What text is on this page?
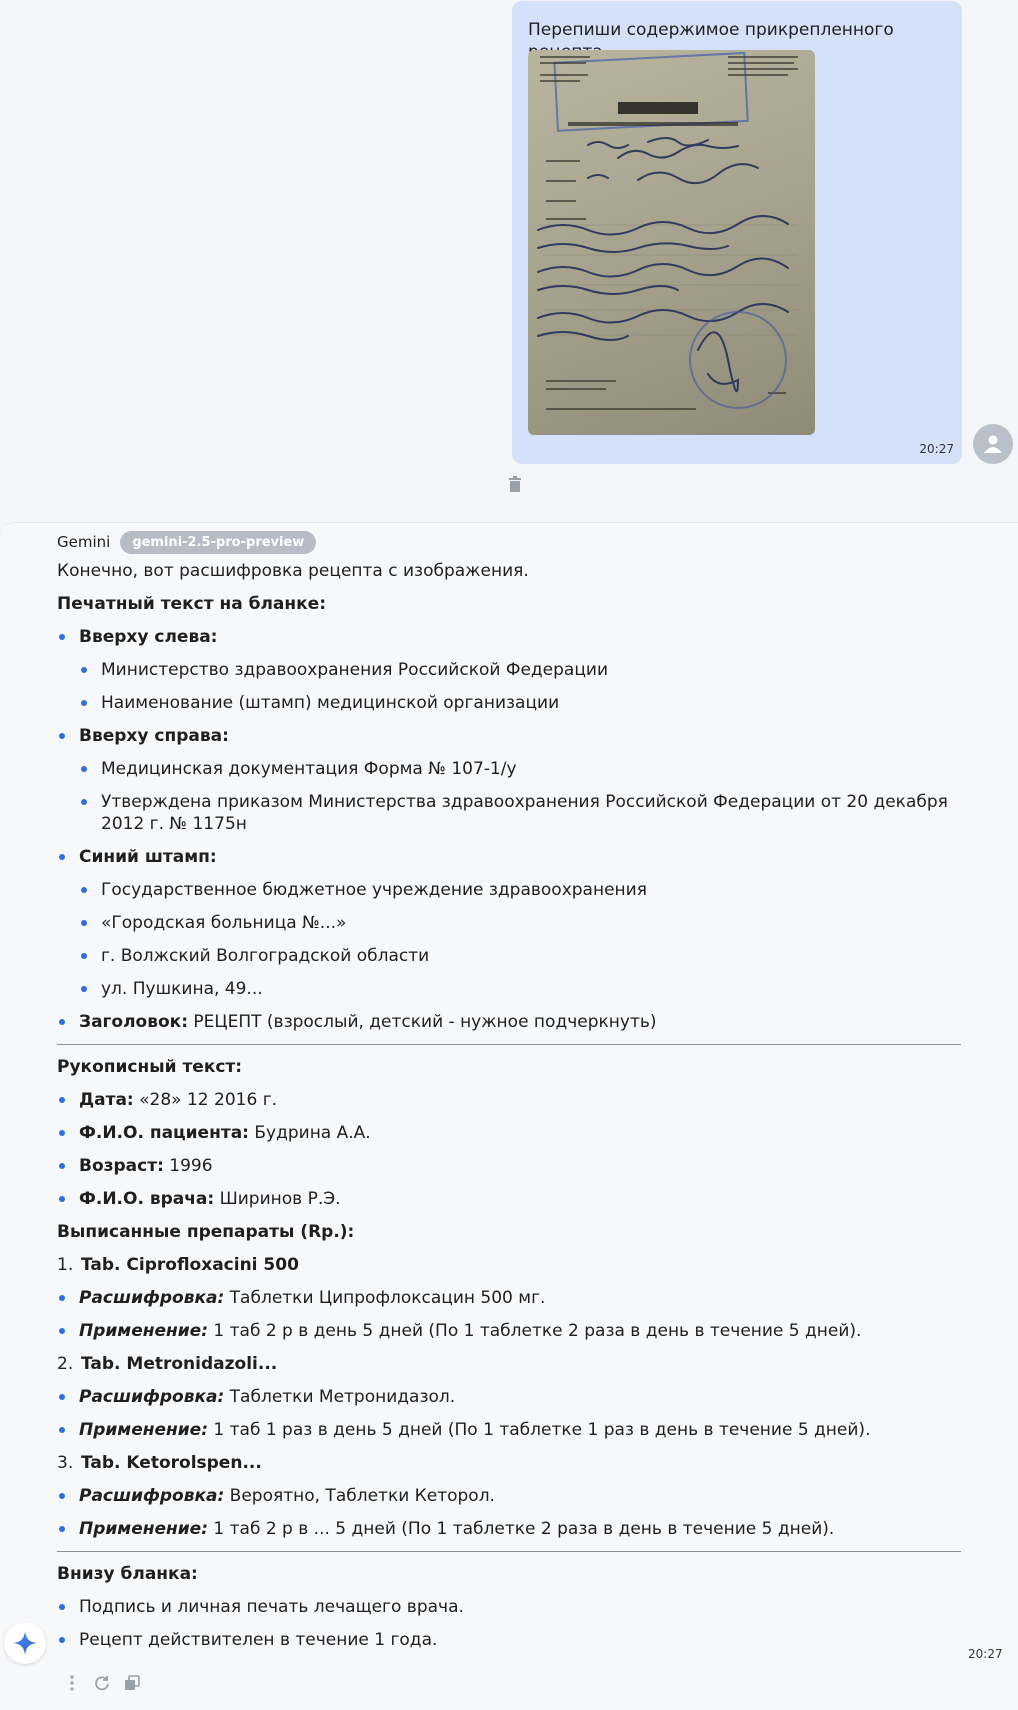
Перепиши содержимое прикрепленного
20:27
Gemini	gemini-2.5-pro-preview

Конечно, вот расшифровка рецепта с изображения.

Печатный текст на бланке:
Вверху слева:
Министерство здравоохранения Российской Федерации
Наименование (штамп) медицинской организации
Вверху справа:
Медицинская документация Форма № 107-1/у
Утверждена приказом Министерства здравоохранения Российской Федерации от 20 декабря 2012 г. № 1175н
Синий штамп:
Государственное бюджетное учреждение здравоохранения
«Городская больница №...»
г. Волжский Волгоградской области
ул. Пушкина, 49...
Заголовок: РЕЦЕПТ (взрослый, детский - нужное подчеркнуть)
Рукописный текст:
Дата: «28» 12 2016 г.
Ф.И.О. пациента: Будрина А.А.
Возраст: 1996
Ф.И.О. врача: Ширинов Р.Э.
Выписанные препараты (Rp.):
1. Tab. Ciprofloxacini 500
Расшифровка: Таблетки Ципрофлоксацин 500 мг.
Применение: 1 таб 2 р в день 5 дней (По 1 таблетке 2 раза в день в течение 5 дней).
2. Tab. Metronidazoli...
Расшифровка: Таблетки Метронидазол.
Применение: 1 таб 1 раз в день 5 дней (По 1 таблетке 1 раз в день в течение 5 дней).
3. Tab. Ketorolspen...
Расшифровка: Вероятно, Таблетки Кеторол.
Применение: 1 таб 2 р в ... 5 дней (По 1 таблетке 2 раза в день в течение 5 дней).
Внизу бланка:
Подпись и личная печать лечащего врача.
Рецепт действителен в течение 1 года.
20:27
